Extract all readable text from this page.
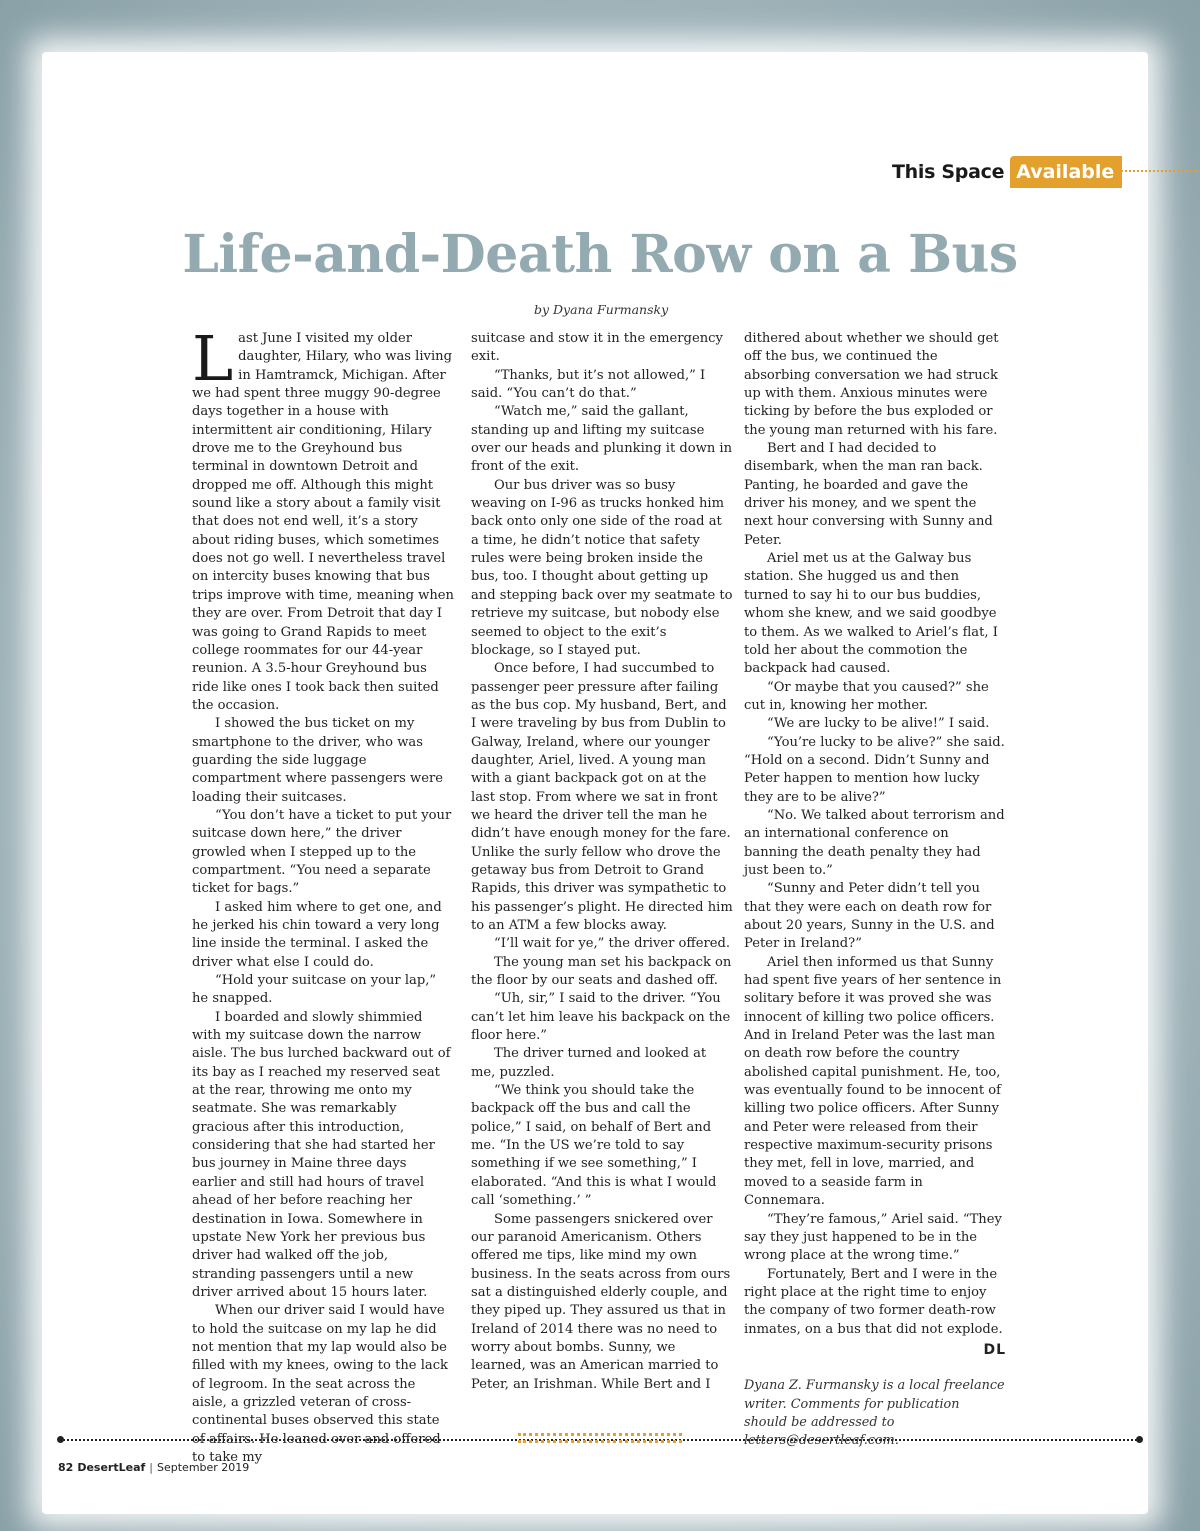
This Space Available
Life-and-Death Row on a Bus
by Dyana Furmansky

Last June I visited my older daughter, Hilary, who was living in Hamtramck, Michigan. After we had spent three muggy 90-degree days together in a house with intermittent air conditioning, Hilary drove me to the Greyhound bus terminal in downtown Detroit and dropped me off. Although this might sound like a story about a family visit that does not end well, it’s a story about riding buses, which sometimes does not go well. I nevertheless travel on intercity buses knowing that bus trips improve with time, meaning when they are over. From Detroit that day I was going to Grand Rapids to meet college roommates for our 44-year reunion. A 3.5-hour Greyhound bus ride like ones I took back then suited the occasion.

I showed the bus ticket on my smartphone to the driver, who was guarding the side luggage compartment where passengers were loading their suitcases.

“You don’t have a ticket to put your suitcase down here,” the driver growled when I stepped up to the compartment. “You need a separate ticket for bags.”

I asked him where to get one, and he jerked his chin toward a very long line inside the terminal. I asked the driver what else I could do.

“Hold your suitcase on your lap,” he snapped.

I boarded and slowly shimmied with my suitcase down the narrow aisle. The bus lurched backward out of its bay as I reached my reserved seat at the rear, throwing me onto my seatmate. She was remarkably gracious after this introduction, considering that she had started her bus journey in Maine three days earlier and still had hours of travel ahead of her before reaching her destination in Iowa. Somewhere in upstate New York her previous bus driver had walked off the job, stranding passengers until a new driver arrived about 15 hours later.

When our driver said I would have to hold the suitcase on my lap he did not mention that my lap would also be filled with my knees, owing to the lack of legroom. In the seat across the aisle, a grizzled veteran of cross-continental buses observed this state of affairs. He leaned over and offered to take my

suitcase and stow it in the emergency exit.

“Thanks, but it’s not allowed,” I said. “You can’t do that.”

“Watch me,” said the gallant, standing up and lifting my suitcase over our heads and plunking it down in front of the exit.

Our bus driver was so busy weaving on I-96 as trucks honked him back onto only one side of the road at a time, he didn’t notice that safety rules were being broken inside the bus, too. I thought about getting up and stepping back over my seatmate to retrieve my suitcase, but nobody else seemed to object to the exit’s blockage, so I stayed put.

Once before, I had succumbed to passenger peer pressure after failing as the bus cop. My husband, Bert, and I were traveling by bus from Dublin to Galway, Ireland, where our younger daughter, Ariel, lived. A young man with a giant backpack got on at the last stop. From where we sat in front we heard the driver tell the man he didn’t have enough money for the fare. Unlike the surly fellow who drove the getaway bus from Detroit to Grand Rapids, this driver was sympathetic to his passenger’s plight. He directed him to an ATM a few blocks away.

“I’ll wait for ye,” the driver offered.

The young man set his backpack on the floor by our seats and dashed off.

“Uh, sir,” I said to the driver. “You can’t let him leave his backpack on the floor here.”

The driver turned and looked at me, puzzled.

“We think you should take the backpack off the bus and call the police,” I said, on behalf of Bert and me. “In the US we’re told to say something if we see something,” I elaborated. “And this is what I would call ‘something.’ ”

Some passengers snickered over our paranoid Americanism. Others offered me tips, like mind my own business. In the seats across from ours sat a distinguished elderly couple, and they piped up. They assured us that in Ireland of 2014 there was no need to worry about bombs. Sunny, we learned, was an American married to Peter, an Irishman. While Bert and I

dithered about whether we should get off the bus, we continued the absorbing conversation we had struck up with them. Anxious minutes were ticking by before the bus exploded or the young man returned with his fare.

Bert and I had decided to disembark, when the man ran back. Panting, he boarded and gave the driver his money, and we spent the next hour conversing with Sunny and Peter.

Ariel met us at the Galway bus station. She hugged us and then turned to say hi to our bus buddies, whom she knew, and we said goodbye to them. As we walked to Ariel’s flat, I told her about the commotion the backpack had caused.

“Or maybe that you caused?” she cut in, knowing her mother.

“We are lucky to be alive!” I said.

“You’re lucky to be alive?” she said. “Hold on a second. Didn’t Sunny and Peter happen to mention how lucky they are to be alive?”

“No. We talked about terrorism and an international conference on banning the death penalty they had just been to.”

“Sunny and Peter didn’t tell you that they were each on death row for about 20 years, Sunny in the U.S. and Peter in Ireland?”

Ariel then informed us that Sunny had spent five years of her sentence in solitary before it was proved she was innocent of killing two police officers. And in Ireland Peter was the last man on death row before the country abolished capital punishment. He, too, was eventually found to be innocent of killing two police officers. After Sunny and Peter were released from their respective maximum-security prisons they met, fell in love, married, and moved to a seaside farm in Connemara.

“They’re famous,” Ariel said. “They say they just happened to be in the wrong place at the wrong time.”

Fortunately, Bert and I were in the right place at the right time to enjoy the company of two former death-row inmates, on a bus that did not explode.

DL
Dyana Z. Furmansky is a local freelance writer. Comments for publication should be addressed to letters@desertleaf.com.
82 DesertLeaf | September 2019
